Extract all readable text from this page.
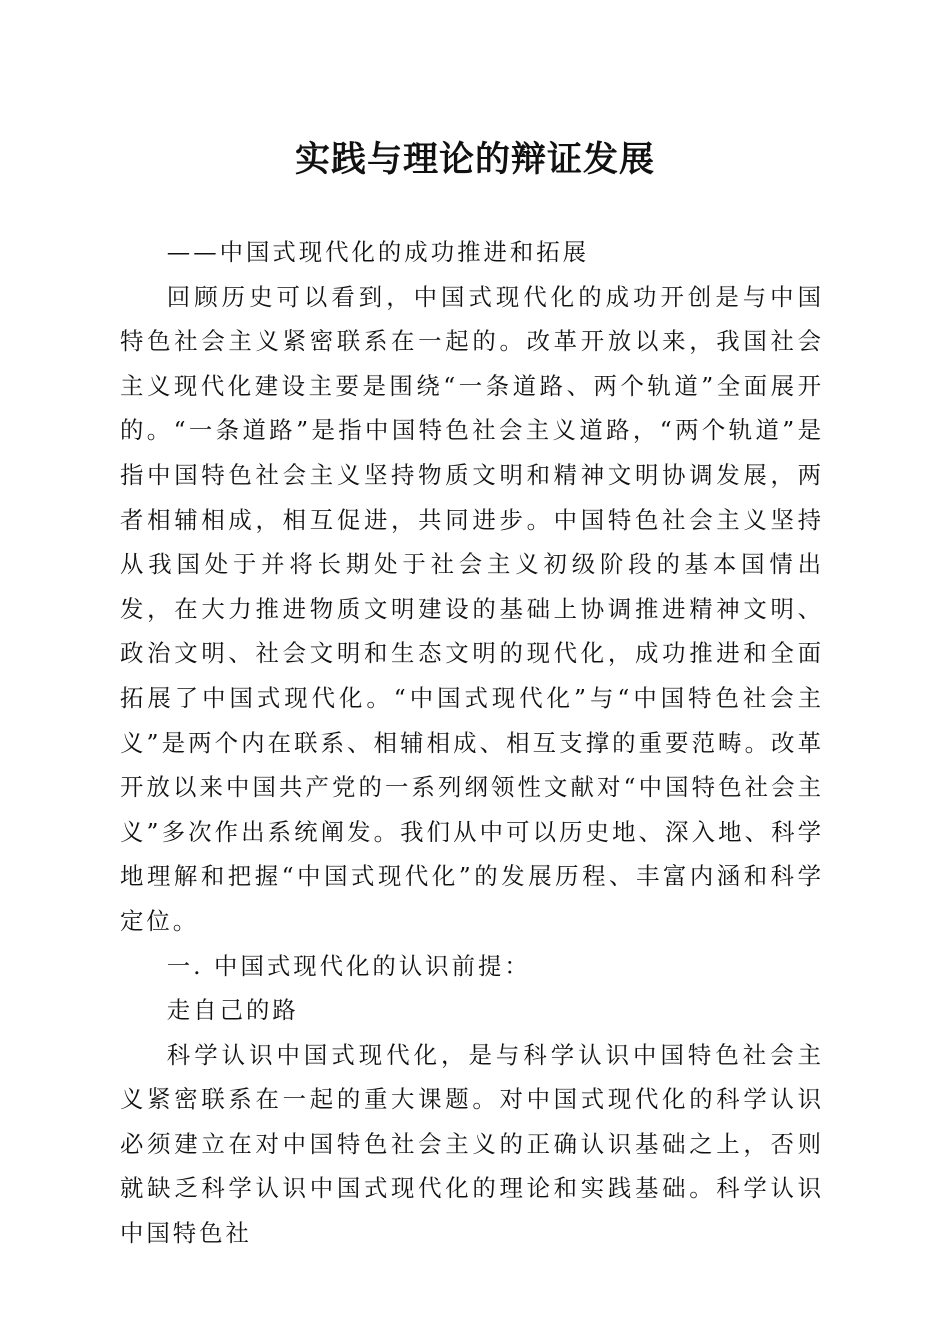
实践与理论的辩证发展

——中国式现代化的成功推进和拓展

回顾历史可以看到，中国式现代化的成功开创是与中国特色社会主义紧密联系在一起的。改革开放以来，我国社会主义现代化建设主要是围绕“一条道路、两个轨道”全面展开的。“一条道路”是指中国特色社会主义道路，“两个轨道”是指中国特色社会主义坚持物质文明和精神文明协调发展，两者相辅相成，相互促进，共同进步。中国特色社会主义坚持从我国处于并将长期处于社会主义初级阶段的基本国情出发，在大力推进物质文明建设的基础上协调推进精神文明、政治文明、社会文明和生态文明的现代化，成功推进和全面拓展了中国式现代化。“中国式现代化”与“中国特色社会主义”是两个内在联系、相辅相成、相互支撑的重要范畴。改革开放以来中国共产党的一系列纲领性文献对“中国特色社会主义”多次作出系统阐发。我们从中可以历史地、深入地、科学地理解和把握“中国式现代化”的发展历程、丰富内涵和科学定位。

一. 中国式现代化的认识前提：

走自己的路

科学认识中国式现代化，是与科学认识中国特色社会主义紧密联系在一起的重大课题。对中国式现代化的科学认识必须建立在对中国特色社会主义的正确认识基础之上，否则就缺乏科学认识中国式现代化的理论和实践基础。科学认识中国特色社
